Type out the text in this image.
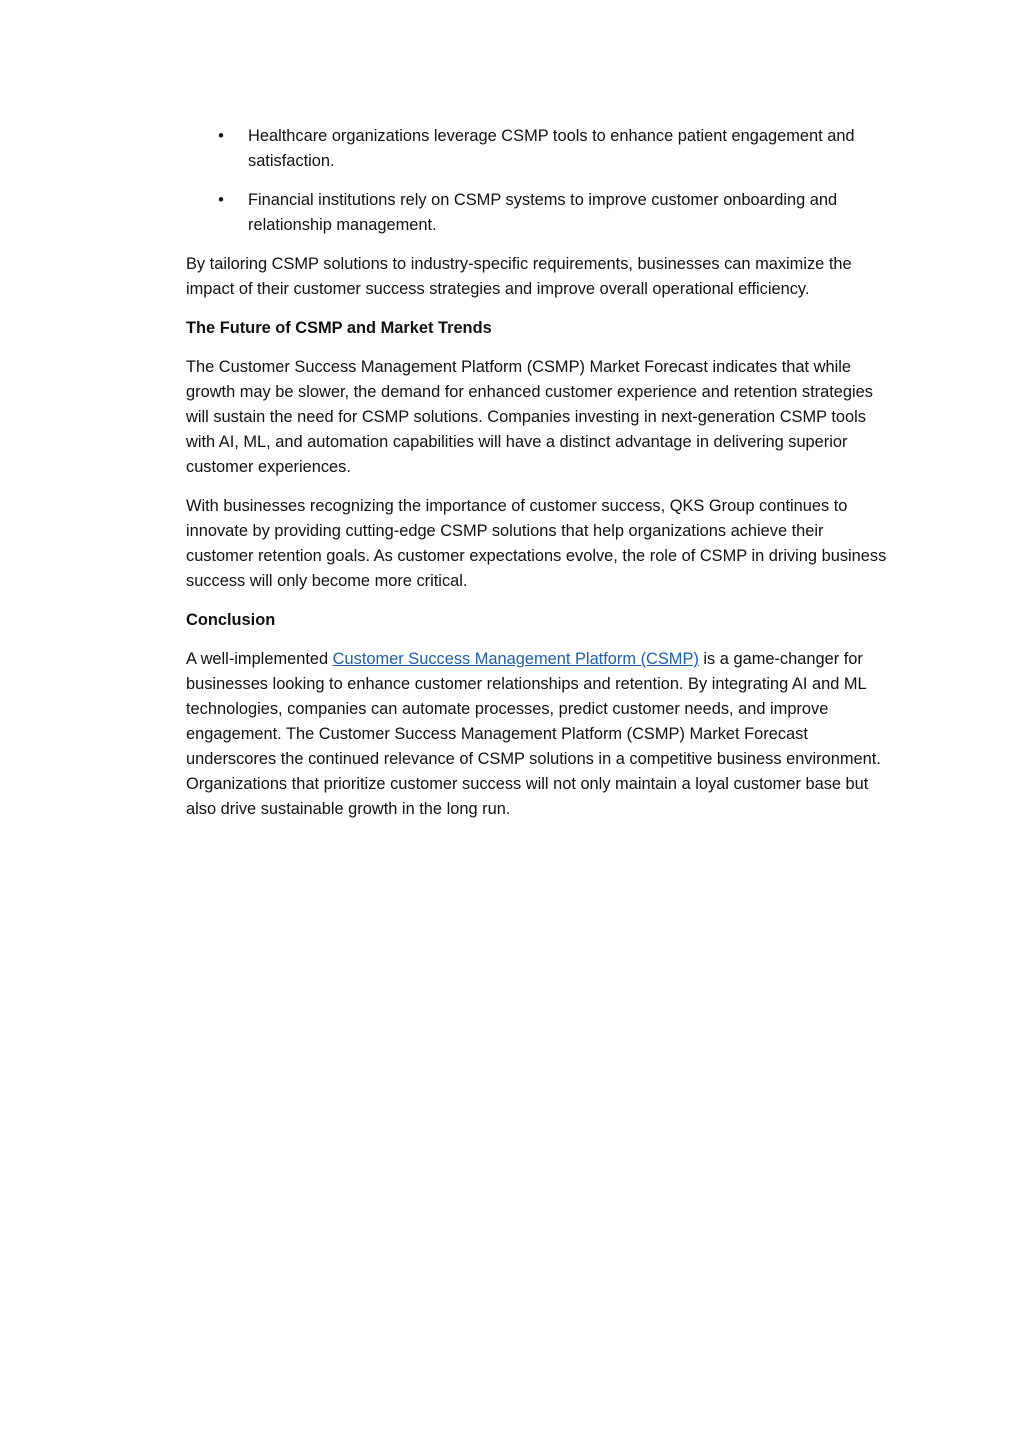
• Healthcare organizations leverage CSMP tools to enhance patient engagement and satisfaction.
• Financial institutions rely on CSMP systems to improve customer onboarding and relationship management.

By tailoring CSMP solutions to industry-specific requirements, businesses can maximize the impact of their customer success strategies and improve overall operational efficiency.

The Future of CSMP and Market Trends

The Customer Success Management Platform (CSMP) Market Forecast indicates that while growth may be slower, the demand for enhanced customer experience and retention strategies will sustain the need for CSMP solutions. Companies investing in next-generation CSMP tools with AI, ML, and automation capabilities will have a distinct advantage in delivering superior customer experiences.

With businesses recognizing the importance of customer success, QKS Group continues to innovate by providing cutting-edge CSMP solutions that help organizations achieve their customer retention goals. As customer expectations evolve, the role of CSMP in driving business success will only become more critical.

Conclusion

A well-implemented Customer Success Management Platform (CSMP) is a game-changer for businesses looking to enhance customer relationships and retention. By integrating AI and ML technologies, companies can automate processes, predict customer needs, and improve engagement. The Customer Success Management Platform (CSMP) Market Forecast underscores the continued relevance of CSMP solutions in a competitive business environment. Organizations that prioritize customer success will not only maintain a loyal customer base but also drive sustainable growth in the long run.
